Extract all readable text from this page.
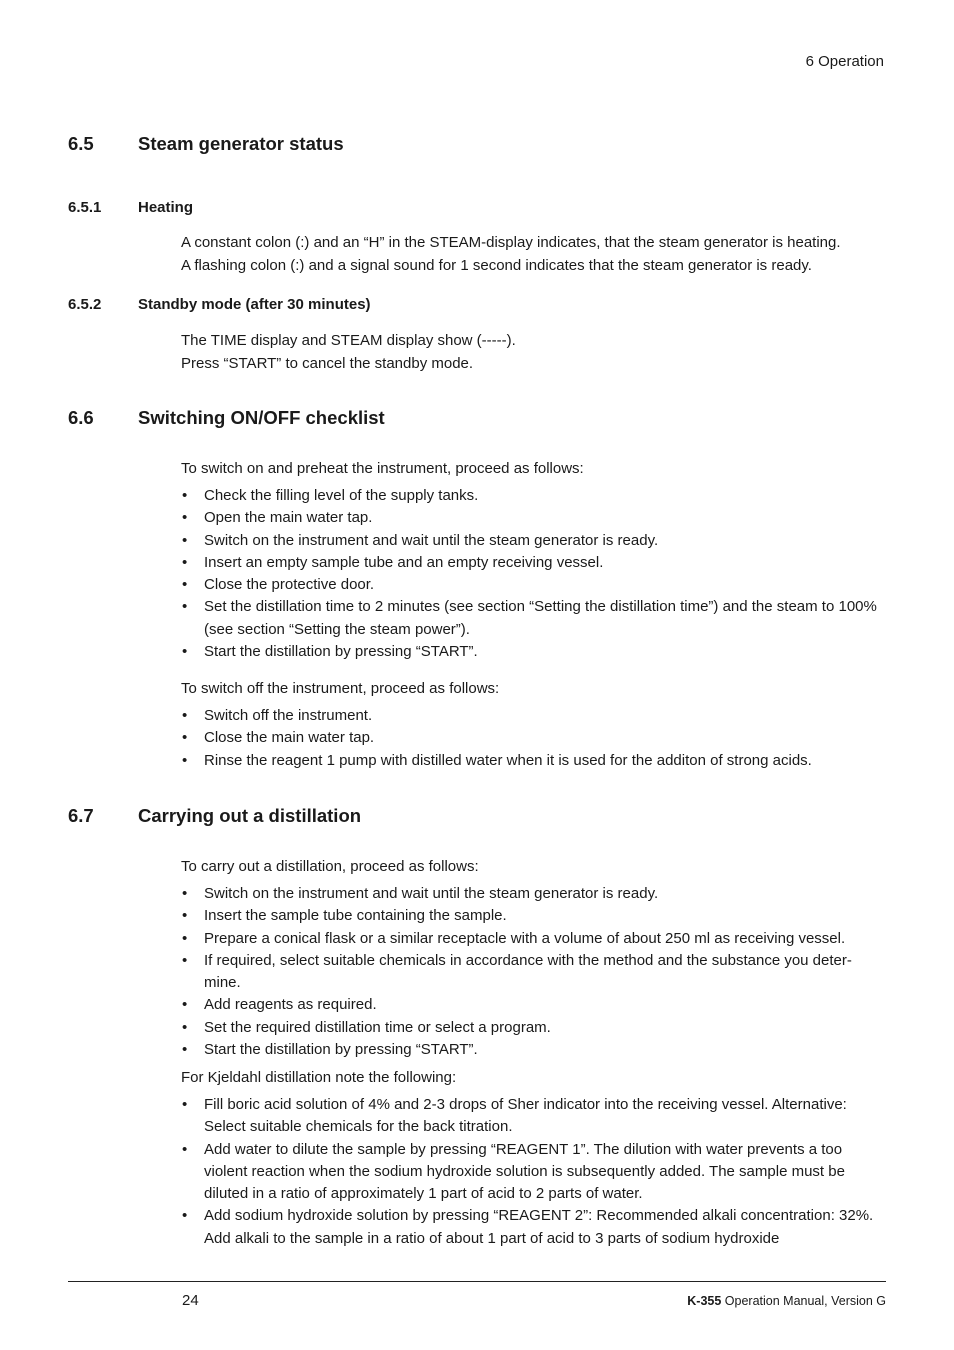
6 Operation
6.5 Steam generator status
6.5.1 Heating

A constant colon (:) and an “H” in the STEAM-display indicates, that the steam generator is heating.

A flashing colon (:) and a signal sound for 1 second indicates that the steam generator is ready.

6.5.2 Standby mode (after 30 minutes)

The TIME display and STEAM display show (-----).

Press “START” to cancel the standby mode.

6.6 Switching ON/OFF checklist
To switch on and preheat the instrument, proceed as follows:
• Check the filling level of the supply tanks.
• Open the main water tap.
• Switch on the instrument and wait until the steam generator is ready.
• Insert an empty sample tube and an empty receiving vessel.
• Close the protective door.
• Set the distillation time to 2 minutes (see section “Setting the distillation time”) and the steam to 100% (see section “Setting the steam power”).
• Start the distillation by pressing “START”.
To switch off the instrument, proceed as follows:
• Switch off the instrument.
• Close the main water tap.
• Rinse the reagent 1 pump with distilled water when it is used for the additon of strong acids.
6.7 Carrying out a distillation
To carry out a distillation, proceed as follows:
• Switch on the instrument and wait until the steam generator is ready.
• Insert the sample tube containing the sample.
• Prepare a conical flask or a similar receptacle with a volume of about 250 ml as receiving vessel.
• If required, select suitable chemicals in accordance with the method and the substance you deter-mine.
• Add reagents as required.
• Set the required distillation time or select a program.
• Start the distillation by pressing “START”.
For Kjeldahl distillation note the following:
• Fill boric acid solution of 4% and 2-3 drops of Sher indicator into the receiving vessel. Alternative: Select suitable chemicals for the back titration.
• Add water to dilute the sample by pressing “REAGENT 1”. The dilution with water prevents a too violent reaction when the sodium hydroxide solution is subsequently added. The sample must be diluted in a ratio of approximately 1 part of acid to 2 parts of water.
• Add sodium hydroxide solution by pressing “REAGENT 2”: Recommended alkali concentration: 32%. Add alkali to the sample in a ratio of about 1 part of acid to 3 parts of sodium hydroxide
24	K-355 Operation Manual, Version G
